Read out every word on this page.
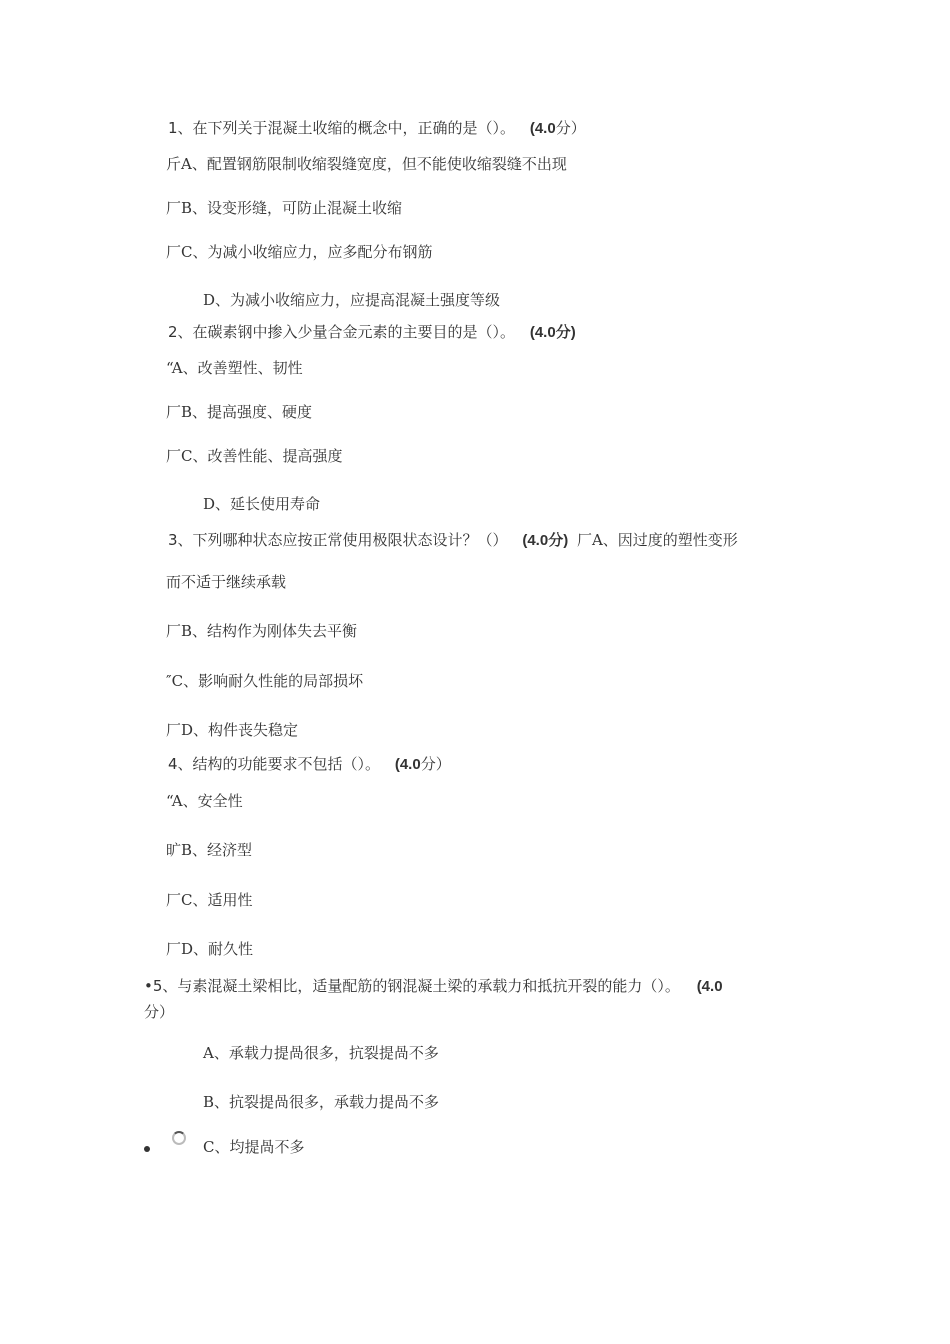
1、在下列关于混凝土收缩的概念中，正确的是（）。 (4.0分）
斤A、配置钢筋限制收缩裂缝宽度，但不能使收缩裂缝不出现
厂B、设变形缝，可防止混凝土收缩
厂C、为减小收缩应力，应多配分布钢筋
D、为减小收缩应力，应提高混凝土强度等级
2、在碳素钢中掺入少量合金元素的主要目的是（）。 (4.0分)
“A、改善塑性、韧性
厂B、提高强度、硬度
厂C、改善性能、提高强度
D、延长使用寿命
3、下列哪种状态应按正常使用极限状态设计？（） (4.0分) 厂A、因过度的塑性变形
而不适于继续承载
厂B、结构作为刚体失去平衡
″C、影响耐久性能的局部损坏
厂D、构件丧失稳定
4、结构的功能要求不包括（）。 (4.0分）
“A、安全性
旷B、经济型
厂C、适用性
厂D、耐久性
•5、与素混凝土梁相比，适量配筋的钢混凝土梁的承载力和抵抗开裂的能力（）。 (4.0
分）
A、承载力提咼很多，抗裂提咼不多
B、抗裂提咼很多，承载力提咼不多
C、均提咼不多
